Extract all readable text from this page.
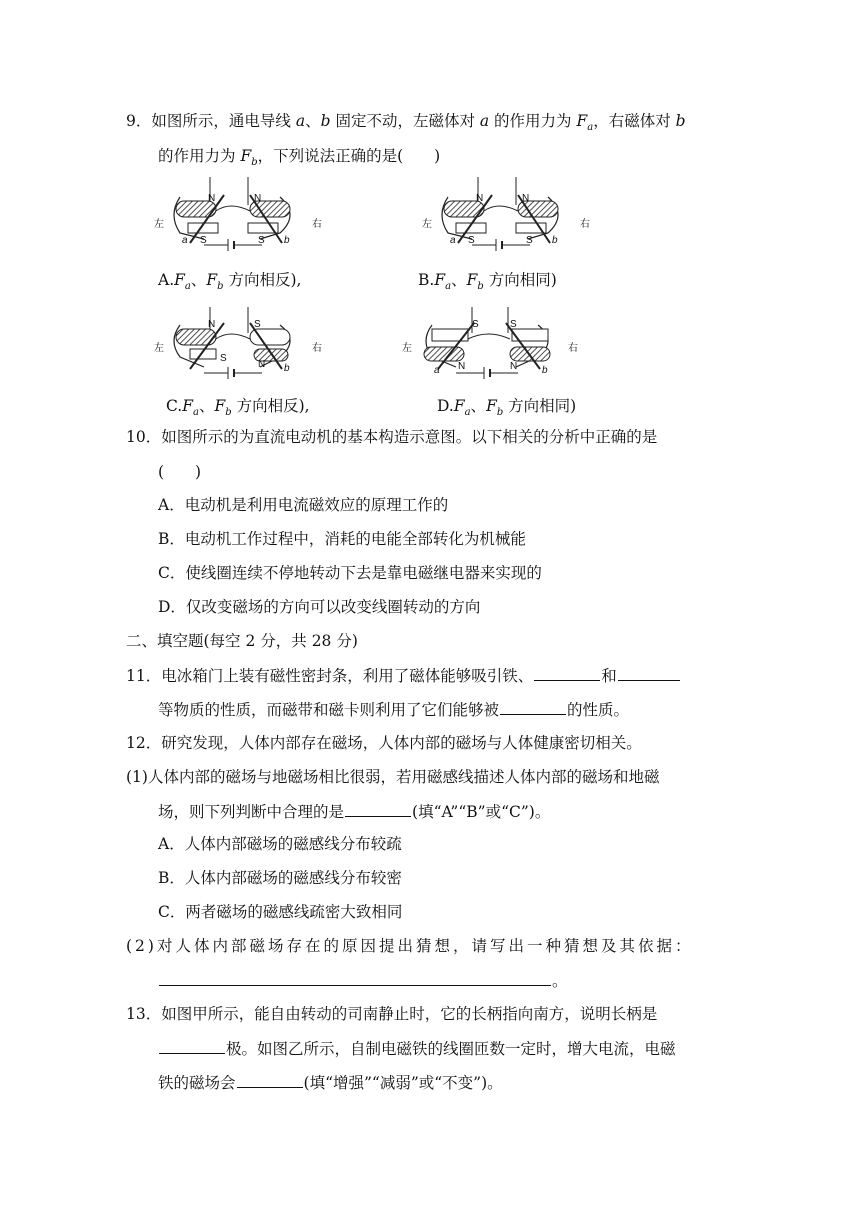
9．如图所示，通电导线 a、b 固定不动，左磁体对 a 的作用力为 $F_a$，右磁体对 b
的作用力为 $F_b$，下列说法正确的是(　　)
左	右
N	N
S	S
a	b
左	右
N	N
S	S
a	b
$A.F_a$、$F_b$ 方向相反),	$B.F_a$、$F_b$ 方向相同)
左	右
N	S
S
N b
左	右
S	S
N	N
a	b
$C.F_a$、$F_b$ 方向相反),	$D.F_a$、$F_b$ 方向相同)
10．如图所示的为直流电动机的基本构造示意图。以下相关的分析中正确的是
(　　)
A．电动机是利用电流磁效应的原理工作的
B．电动机工作过程中，消耗的电能全部转化为机械能
C．使线圈连续不停地转动下去是靠电磁继电器来实现的
D．仅改变磁场的方向可以改变线圈转动的方向
二、填空题(每空 2 分，共 28 分)
11．电冰箱门上装有磁性密封条，利用了磁体能够吸引铁、	和
等物质的性质，而磁带和磁卡则利用了它们能够被	的性质。
12．研究发现，人体内部存在磁场，人体内部的磁场与人体健康密切相关。
(1)人体内部的磁场与地磁场相比很弱，若用磁感线描述人体内部的磁场和地磁
场，则下列判断中合理的是	(填“A”“B”或“C”)。
A．人体内部磁场的磁感线分布较疏
B．人体内部磁场的磁感线分布较密
C．两者磁场的磁感线疏密大致相同
(2)对人体内部磁场存在的原因提出猜想，请写出一种猜想及其依据：
。
13．如图甲所示，能自由转动的司南静止时，它的长柄指向南方，说明长柄是
极。如图乙所示，自制电磁铁的线圈匝数一定时，增大电流，电磁
铁的磁场会	(填“增强”“减弱”或“不变”)。
